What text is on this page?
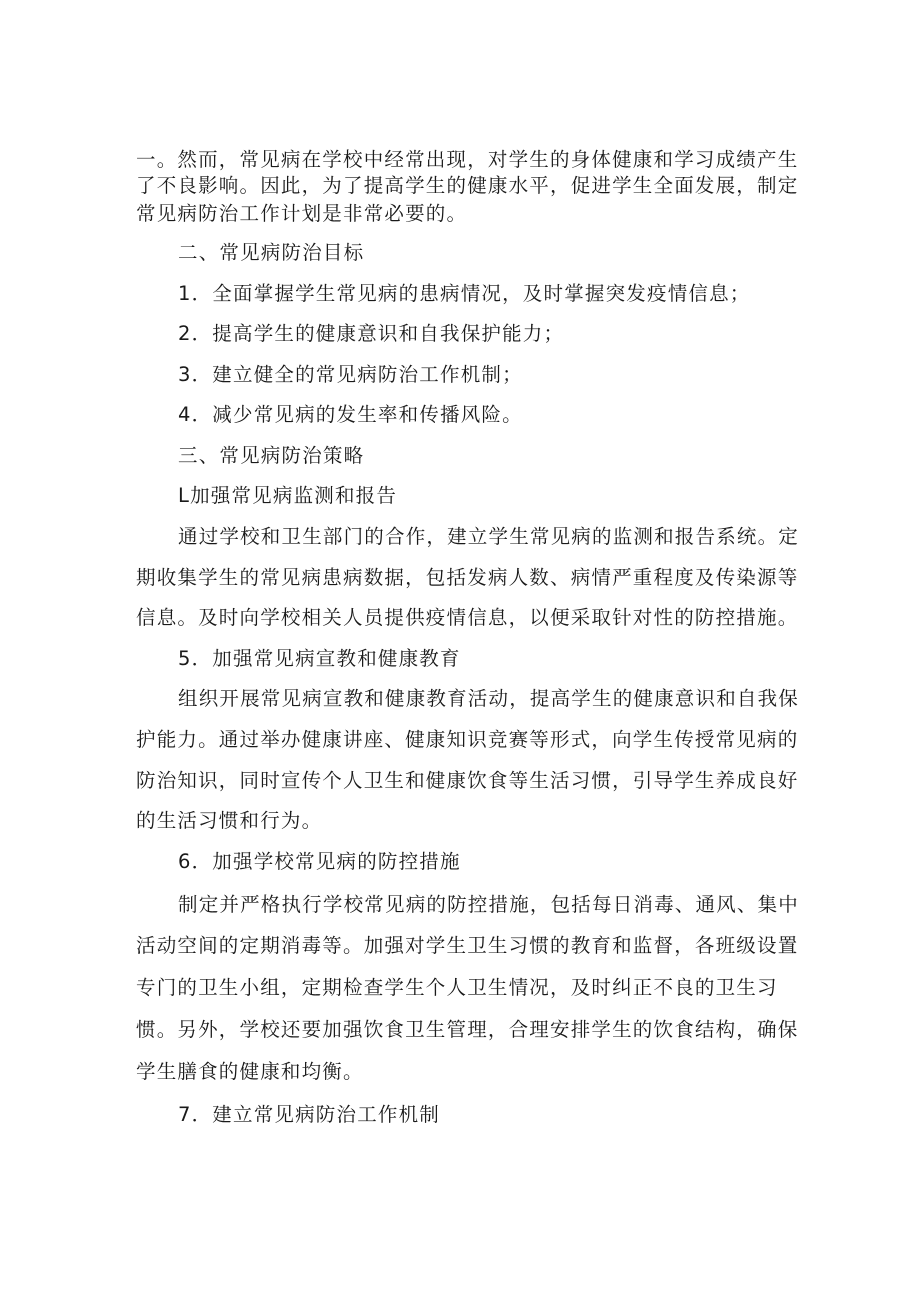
一。然而，常见病在学校中经常出现，对学生的身体健康和学习成绩产生

了不良影响。因此，为了提高学生的健康水平，促进学生全面发展，制定

常见病防治工作计划是非常必要的。

二、常见病防治目标

1．全面掌握学生常见病的患病情况，及时掌握突发疫情信息；

2．提高学生的健康意识和自我保护能力；

3．建立健全的常见病防治工作机制；

4．减少常见病的发生率和传播风险。

三、常见病防治策略

L加强常见病监测和报告

通过学校和卫生部门的合作，建立学生常见病的监测和报告系统。定

期收集学生的常见病患病数据，包括发病人数、病情严重程度及传染源等

信息。及时向学校相关人员提供疫情信息，以便采取针对性的防控措施。

5．加强常见病宣教和健康教育

组织开展常见病宣教和健康教育活动，提高学生的健康意识和自我保

护能力。通过举办健康讲座、健康知识竞赛等形式，向学生传授常见病的

防治知识，同时宣传个人卫生和健康饮食等生活习惯，引导学生养成良好

的生活习惯和行为。

6．加强学校常见病的防控措施

制定并严格执行学校常见病的防控措施，包括每日消毒、通风、集中

活动空间的定期消毒等。加强对学生卫生习惯的教育和监督，各班级设置

专门的卫生小组，定期检查学生个人卫生情况，及时纠正不良的卫生习

惯。另外，学校还要加强饮食卫生管理，合理安排学生的饮食结构，确保

学生膳食的健康和均衡。

7．建立常见病防治工作机制
